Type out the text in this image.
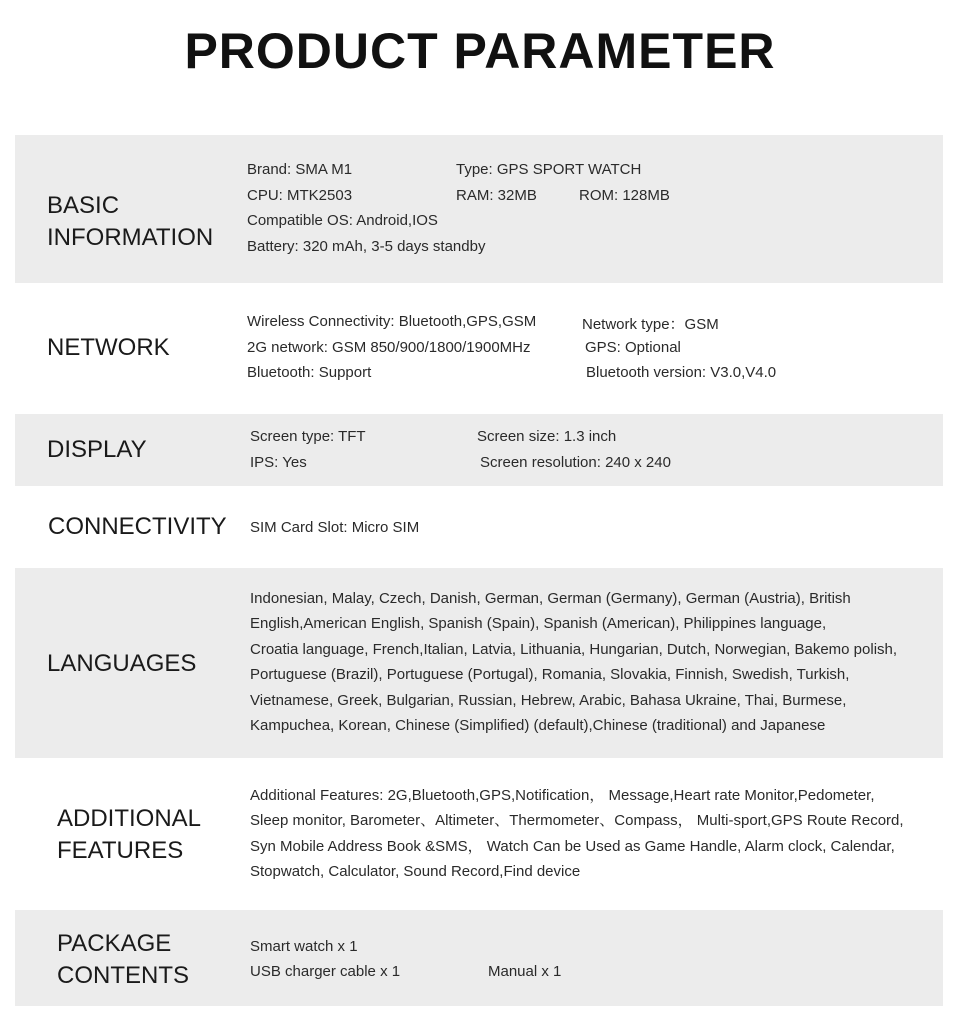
PRODUCT PARAMETER
BASIC
INFORMATION
Brand: SMA M1	Type: GPS SPORT WATCH
CPU: MTK2503	RAM: 32MB	ROM: 128MB
Compatible OS: Android,IOS
Battery: 320 mAh, 3-5 days standby
NETWORK
Wireless Connectivity: Bluetooth,GPS,GSM	Network type：GSM
2G network: GSM 850/900/1800/1900MHz	GPS: Optional
Bluetooth: Support	Bluetooth version: V3.0,V4.0
DISPLAY	Screen type: TFT	Screen size: 1.3 inch
IPS: Yes	Screen resolution: 240 x 240
CONNECTIVITY SIM Card Slot: Micro SIM
LANGUAGES
Indonesian, Malay, Czech, Danish, German, German (Germany), German (Austria), British
English,American English, Spanish (Spain), Spanish (American), Philippines language,
Croatia language, French,Italian, Latvia, Lithuania, Hungarian, Dutch, Norwegian, Bakemo polish,
Portuguese (Brazil), Portuguese (Portugal), Romania, Slovakia, Finnish, Swedish, Turkish,
Vietnamese, Greek, Bulgarian, Russian, Hebrew, Arabic, Bahasa Ukraine, Thai, Burmese,
Kampuchea, Korean, Chinese (Simplified) (default),Chinese (traditional) and Japanese
ADDITIONAL
FEATURES
Additional Features: 2G,Bluetooth,GPS,Notification， Message,Heart rate Monitor,Pedometer,
Sleep monitor, Barometer、Altimeter、Thermometer、Compass， Multi-sport,GPS Route Record,
Syn Mobile Address Book &SMS， Watch Can be Used as Game Handle, Alarm clock, Calendar,
Stopwatch, Calculator, Sound Record,Find device
PACKAGE
CONTENTS
Smart watch x 1
USB charger cable x 1	Manual x 1
